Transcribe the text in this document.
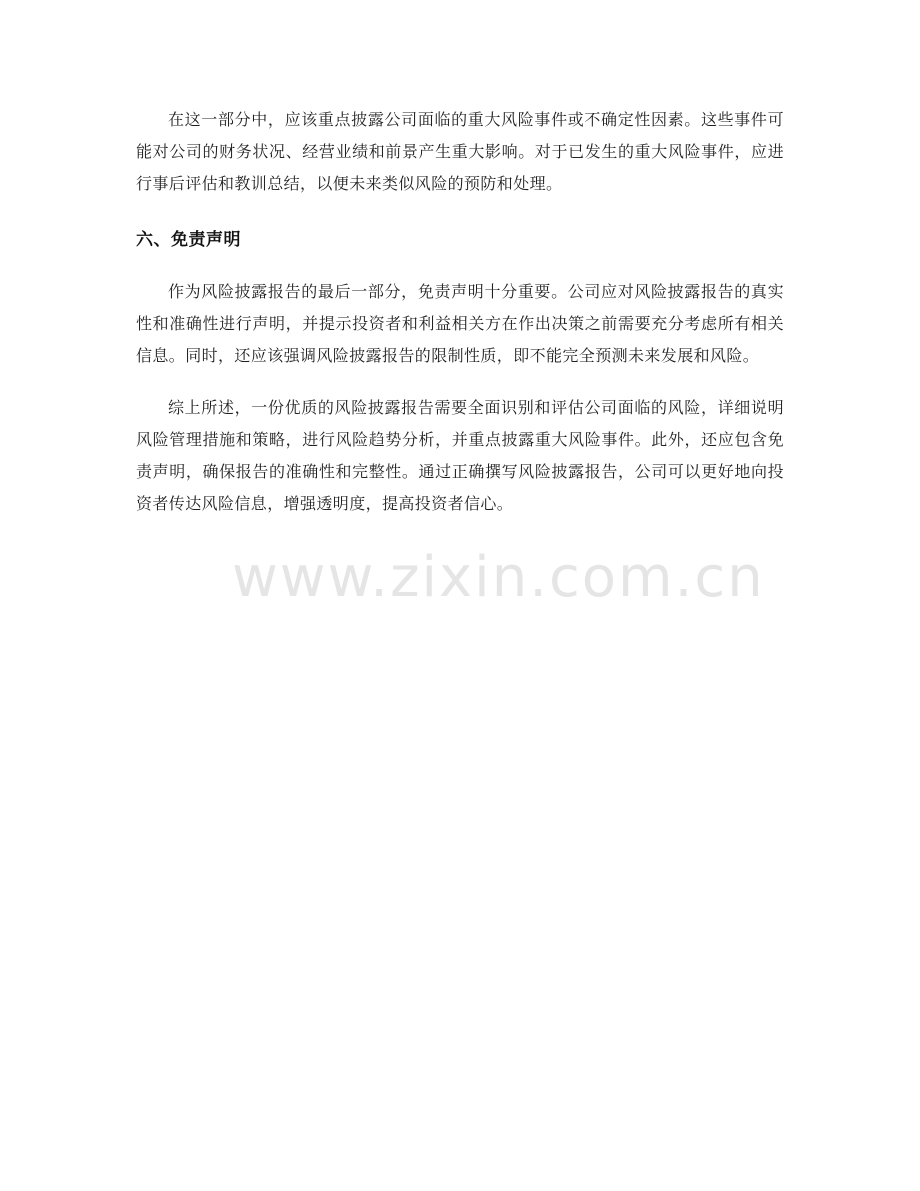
在这一部分中，应该重点披露公司面临的重大风险事件或不确定性因素。这些事件可能对公司的财务状况、经营业绩和前景产生重大影响。对于已发生的重大风险事件，应进行事后评估和教训总结，以便未来类似风险的预防和处理。

六、免责声明

作为风险披露报告的最后一部分，免责声明十分重要。公司应对风险披露报告的真实性和准确性进行声明，并提示投资者和利益相关方在作出决策之前需要充分考虑所有相关信息。同时，还应该强调风险披露报告的限制性质，即不能完全预测未来发展和风险。

综上所述，一份优质的风险披露报告需要全面识别和评估公司面临的风险，详细说明风险管理措施和策略，进行风险趋势分析，并重点披露重大风险事件。此外，还应包含免责声明，确保报告的准确性和完整性。通过正确撰写风险披露报告，公司可以更好地向投资者传达风险信息，增强透明度，提高投资者信心。

www.zixin.com.cn
